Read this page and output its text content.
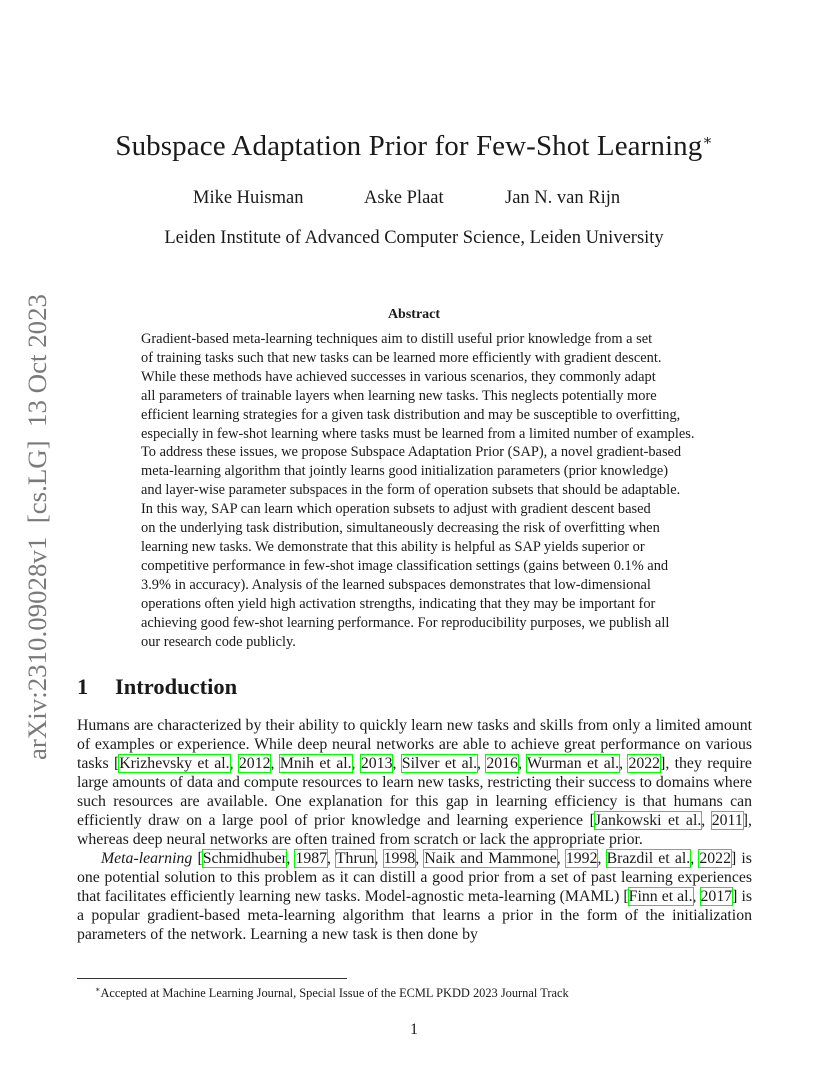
arXiv:2310.09028v1  [cs.LG]  13 Oct 2023
Subspace Adaptation Prior for Few-Shot Learning∗
Mike Huisman	Aske Plaat	Jan N. van Rijn
Leiden Institute of Advanced Computer Science, Leiden University
Abstract
Gradient-based meta-learning techniques aim to distill useful prior knowledge from a set
of training tasks such that new tasks can be learned more efficiently with gradient descent.
While these methods have achieved successes in various scenarios, they commonly adapt
all parameters of trainable layers when learning new tasks. This neglects potentially more
efficient learning strategies for a given task distribution and may be susceptible to overfitting,
especially in few-shot learning where tasks must be learned from a limited number of examples.
To address these issues, we propose Subspace Adaptation Prior (SAP), a novel gradient-based
meta-learning algorithm that jointly learns good initialization parameters (prior knowledge)
and layer-wise parameter subspaces in the form of operation subsets that should be adaptable.
In this way, SAP can learn which operation subsets to adjust with gradient descent based
on the underlying task distribution, simultaneously decreasing the risk of overfitting when
learning new tasks. We demonstrate that this ability is helpful as SAP yields superior or
competitive performance in few-shot image classification settings (gains between 0.1% and
3.9% in accuracy). Analysis of the learned subspaces demonstrates that low-dimensional
operations often yield high activation strengths, indicating that they may be important for
achieving good few-shot learning performance. For reproducibility purposes, we publish all
our research code publicly.
1 Introduction

Humans are characterized by their ability to quickly learn new tasks and skills from only a limited amount of examples or experience. While deep neural networks are able to achieve great performance on various tasks [Krizhevsky et al., 2012, Mnih et al., 2013, Silver et al., 2016, Wurman et al., 2022], they require large amounts of data and compute resources to learn new tasks, restricting their success to domains where such resources are available. One explanation for this gap in learning efficiency is that humans can efficiently draw on a large pool of prior knowledge and learning experience [Jankowski et al., 2011], whereas deep neural networks are often trained from scratch or lack the appropriate prior.

Meta-learning [Schmidhuber, 1987, Thrun, 1998, Naik and Mammone, 1992, Brazdil et al., 2022] is one potential solution to this problem as it can distill a good prior from a set of past learning experiences that facilitates efficiently learning new tasks. Model-agnostic meta-learning (MAML) [Finn et al., 2017] is a popular gradient-based meta-learning algorithm that learns a prior in the form of the initialization parameters of the network. Learning a new task is then done by

∗Accepted at Machine Learning Journal, Special Issue of the ECML PKDD 2023 Journal Track
1
